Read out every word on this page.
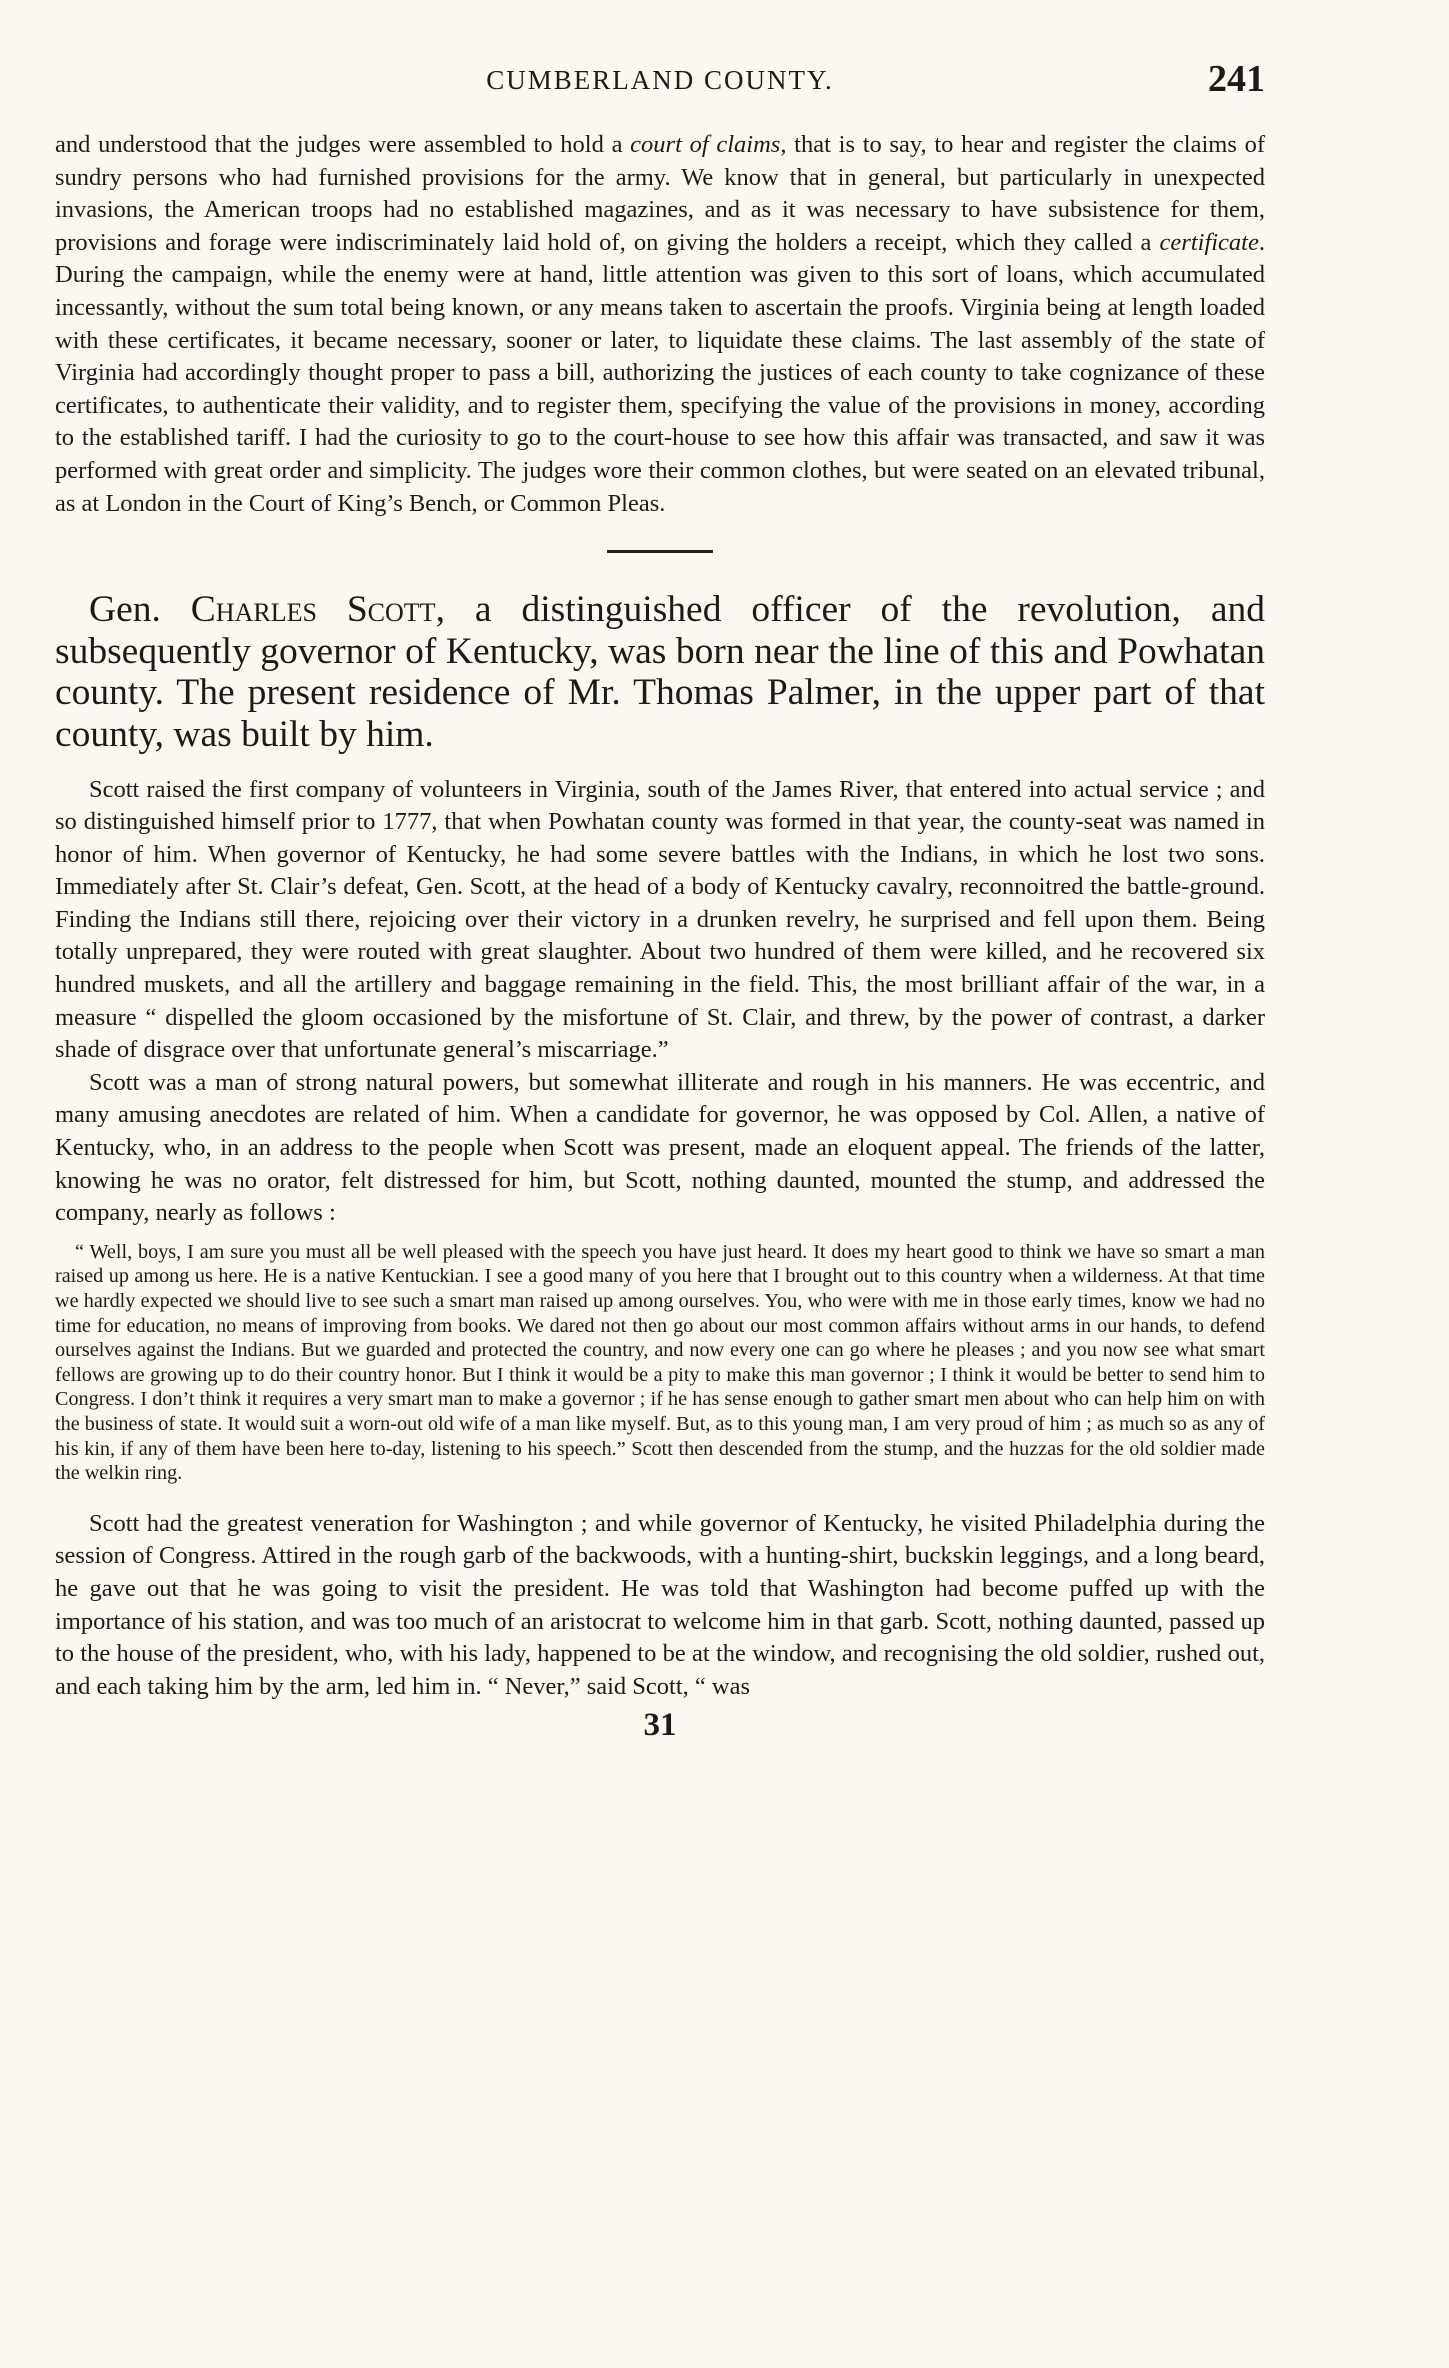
CUMBERLAND COUNTY.	241

and understood that the judges were assembled to hold a court of claims, that is to say, to hear and register the claims of sundry persons who had furnished provisions for the army. We know that in general, but particularly in unexpected invasions, the American troops had no established magazines, and as it was necessary to have subsistence for them, provisions and forage were indiscriminately laid hold of, on giving the holders a receipt, which they called a certificate. During the campaign, while the enemy were at hand, little attention was given to this sort of loans, which accumulated incessantly, without the sum total being known, or any means taken to ascertain the proofs. Virginia being at length loaded with these certificates, it became necessary, sooner or later, to liquidate these claims. The last assembly of the state of Virginia had accordingly thought proper to pass a bill, authorizing the justices of each county to take cognizance of these certificates, to authenticate their validity, and to register them, specifying the value of the provisions in money, according to the established tariff. I had the curiosity to go to the court-house to see how this affair was transacted, and saw it was performed with great order and simplicity. The judges wore their common clothes, but were seated on an elevated tribunal, as at London in the Court of King’s Bench, or Common Pleas.

Gen. Charles Scott, a distinguished officer of the revolution, and subsequently governor of Kentucky, was born near the line of this and Powhatan county. The present residence of Mr. Thomas Palmer, in the upper part of that county, was built by him.

Scott raised the first company of volunteers in Virginia, south of the James River, that entered into actual service ; and so distinguished himself prior to 1777, that when Powhatan county was formed in that year, the county-seat was named in honor of him. When governor of Kentucky, he had some severe battles with the Indians, in which he lost two sons. Immediately after St. Clair’s defeat, Gen. Scott, at the head of a body of Kentucky cavalry, reconnoitred the battle-ground. Finding the Indians still there, rejoicing over their victory in a drunken revelry, he surprised and fell upon them. Being totally unprepared, they were routed with great slaughter. About two hundred of them were killed, and he recovered six hundred muskets, and all the artillery and baggage remaining in the field. This, the most brilliant affair of the war, in a measure “ dispelled the gloom occasioned by the misfortune of St. Clair, and threw, by the power of contrast, a darker shade of disgrace over that unfortunate general’s miscarriage.”

Scott was a man of strong natural powers, but somewhat illiterate and rough in his manners. He was eccentric, and many amusing anecdotes are related of him. When a candidate for governor, he was opposed by Col. Allen, a native of Kentucky, who, in an address to the people when Scott was present, made an eloquent appeal. The friends of the latter, knowing he was no orator, felt distressed for him, but Scott, nothing daunted, mounted the stump, and addressed the company, nearly as follows :

“ Well, boys, I am sure you must all be well pleased with the speech you have just heard. It does my heart good to think we have so smart a man raised up among us here. He is a native Kentuckian. I see a good many of you here that I brought out to this country when a wilderness. At that time we hardly expected we should live to see such a smart man raised up among ourselves. You, who were with me in those early times, know we had no time for education, no means of improving from books. We dared not then go about our most common affairs without arms in our hands, to defend ourselves against the Indians. But we guarded and protected the country, and now every one can go where he pleases ; and you now see what smart fellows are growing up to do their country honor. But I think it would be a pity to make this man governor ; I think it would be better to send him to Congress. I don’t think it requires a very smart man to make a governor ; if he has sense enough to gather smart men about who can help him on with the business of state. It would suit a worn-out old wife of a man like myself. But, as to this young man, I am very proud of him ; as much so as any of his kin, if any of them have been here to-day, listening to his speech.” Scott then descended from the stump, and the huzzas for the old soldier made the welkin ring.

Scott had the greatest veneration for Washington ; and while governor of Kentucky, he visited Philadelphia during the session of Congress. Attired in the rough garb of the backwoods, with a hunting-shirt, buckskin leggings, and a long beard, he gave out that he was going to visit the president. He was told that Washington had become puffed up with the importance of his station, and was too much of an aristocrat to welcome him in that garb. Scott, nothing daunted, passed up to the house of the president, who, with his lady, happened to be at the window, and recognising the old soldier, rushed out, and each taking him by the arm, led him in. “ Never,” said Scott, “ was

31
